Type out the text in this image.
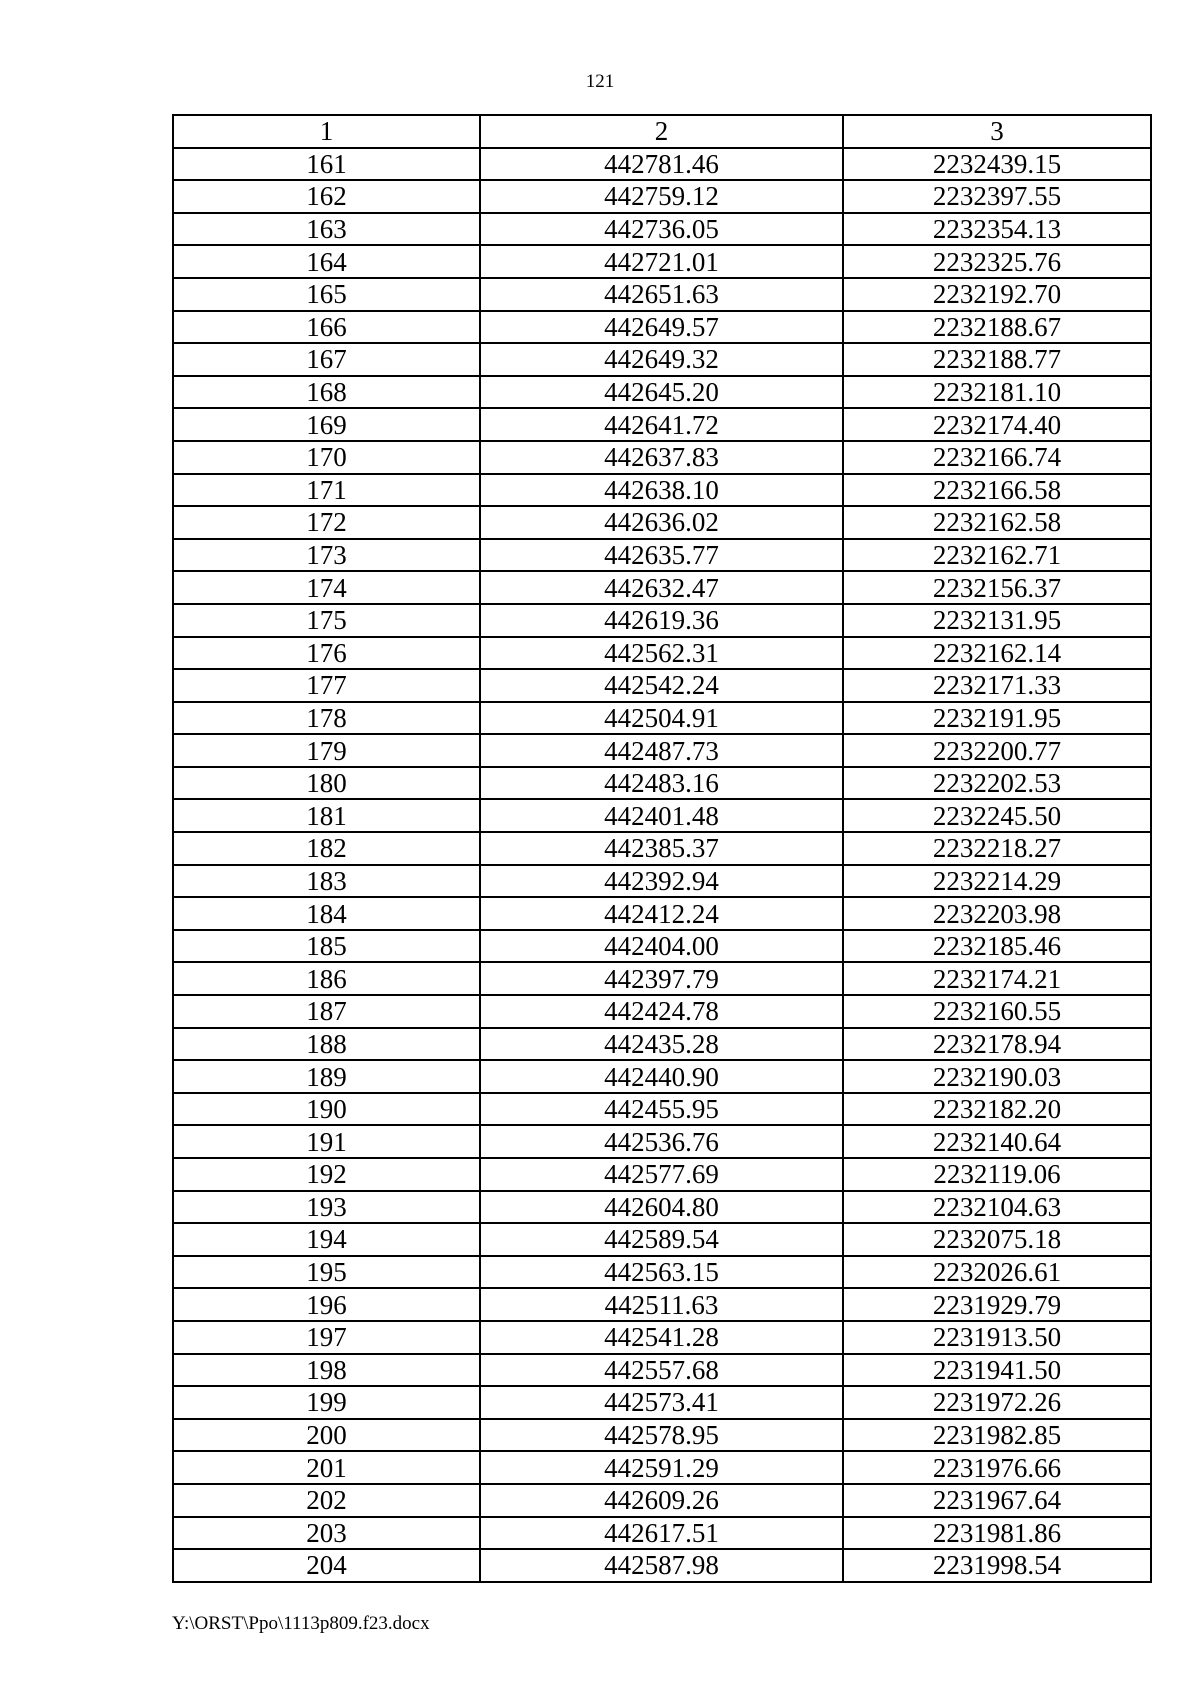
121
1	2	3
161	442781.46	2232439.15
162	442759.12	2232397.55
163	442736.05	2232354.13
164	442721.01	2232325.76
165	442651.63	2232192.70
166	442649.57	2232188.67
167	442649.32	2232188.77
168	442645.20	2232181.10
169	442641.72	2232174.40
170	442637.83	2232166.74
171	442638.10	2232166.58
172	442636.02	2232162.58
173	442635.77	2232162.71
174	442632.47	2232156.37
175	442619.36	2232131.95
176	442562.31	2232162.14
177	442542.24	2232171.33
178	442504.91	2232191.95
179	442487.73	2232200.77
180	442483.16	2232202.53
181	442401.48	2232245.50
182	442385.37	2232218.27
183	442392.94	2232214.29
184	442412.24	2232203.98
185	442404.00	2232185.46
186	442397.79	2232174.21
187	442424.78	2232160.55
188	442435.28	2232178.94
189	442440.90	2232190.03
190	442455.95	2232182.20
191	442536.76	2232140.64
192	442577.69	2232119.06
193	442604.80	2232104.63
194	442589.54	2232075.18
195	442563.15	2232026.61
196	442511.63	2231929.79
197	442541.28	2231913.50
198	442557.68	2231941.50
199	442573.41	2231972.26
200	442578.95	2231982.85
201	442591.29	2231976.66
202	442609.26	2231967.64
203	442617.51	2231981.86
204	442587.98	2231998.54
Y:\ORST\Ppo\1113p809.f23.docx
